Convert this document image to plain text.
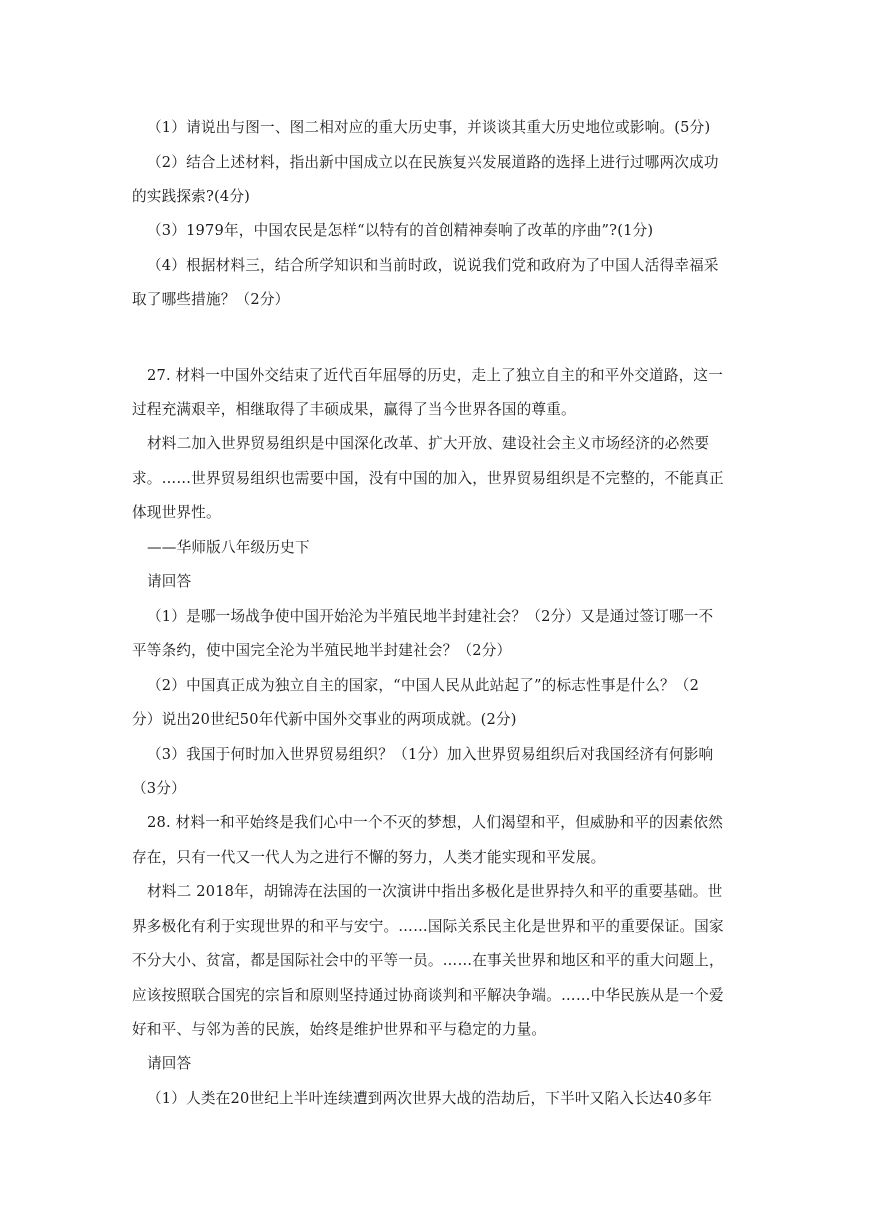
（1）请说出与图一、图二相对应的重大历史事，并谈谈其重大历史地位或影响。(5分)
（2）结合上述材料，指出新中国成立以在民族复兴发展道路的选择上进行过哪两次成功
的实践探索?(4分)
（3）1979年，中国农民是怎样“以特有的首创精神奏响了改革的序曲”?(1分)
（4）根据材料三，结合所学知识和当前时政，说说我们党和政府为了中国人活得幸福采
取了哪些措施？（2分）
27. 材料一中国外交结束了近代百年屈辱的历史，走上了独立自主的和平外交道路，这一
过程充满艰辛，相继取得了丰硕成果，赢得了当今世界各国的尊重。
材料二加入世界贸易组织是中国深化改革、扩大开放、建设社会主义市场经济的必然要
求。……世界贸易组织也需要中国，没有中国的加入，世界贸易组织是不完整的，不能真正
体现世界性。
——华师版八年级历史下
请回答
（1）是哪一场战争使中国开始沦为半殖民地半封建社会？（2分）又是通过签订哪一不
平等条约，使中国完全沦为半殖民地半封建社会？（2分）
（2）中国真正成为独立自主的国家，“中国人民从此站起了”的标志性事是什么？（2
分）说出20世纪50年代新中国外交事业的两项成就。(2分)
（3）我国于何时加入世界贸易组织？（1分）加入世界贸易组织后对我国经济有何影响
（3分）
28. 材料一和平始终是我们心中一个不灭的梦想，人们渴望和平，但威胁和平的因素依然
存在，只有一代又一代人为之进行不懈的努力，人类才能实现和平发展。
材料二 2018年，胡锦涛在法国的一次演讲中指出多极化是世界持久和平的重要基础。世
界多极化有利于实现世界的和平与安宁。……国际关系民主化是世界和平的重要保证。国家
不分大小、贫富，都是国际社会中的平等一员。……在事关世界和地区和平的重大问题上，
应该按照联合国宪的宗旨和原则坚持通过协商谈判和平解决争端。……中华民族从是一个爱
好和平、与邻为善的民族，始终是维护世界和平与稳定的力量。
请回答
（1）人类在20世纪上半叶连续遭到两次世界大战的浩劫后，下半叶又陷入长达40多年
